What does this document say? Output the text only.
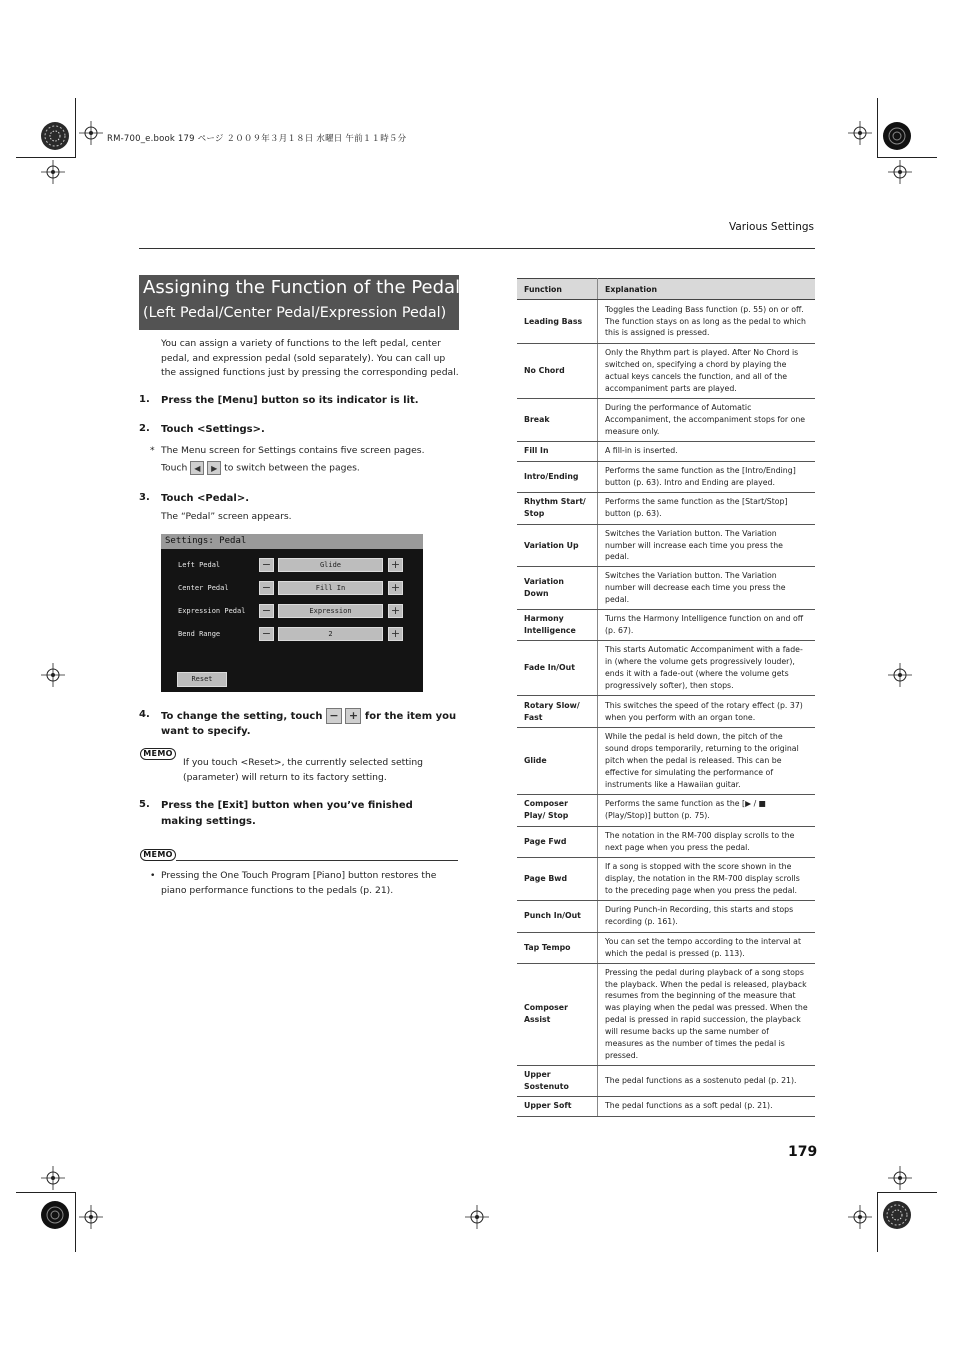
RM-700_e.book 179 ページ ２００９年３月１８日 水曜日 午前１１時５分
Various Settings
Assigning the Function of the Pedals
(Left Pedal/Center Pedal/Expression Pedal)
You can assign a variety of functions to the left pedal, center pedal, and expression pedal (sold separately). You can call up the assigned functions just by pressing the corresponding pedal.
1. Press the [Menu] button so its indicator is lit.
2. Touch <Settings>.
* The Menu screen for Settings contains five screen pages.
Touch ◀ ▶ to switch between the pages.
3. Touch <Pedal>.
The “Pedal” screen appears.
Settings: Pedal
Left Pedal	−	Glide	+
Center Pedal	−	Fill In	+
Expression Pedal −	Expression	+
Bend Range	−	2	+
Reset
4. To change the setting, touch − + for the item you
want to specify.
MEMO
If you touch <Reset>, the currently selected setting (parameter) will return to its factory setting.
5. Press the [Exit] button when you’ve finished making settings.
MEMO
• Pressing the One Touch Program [Piano] button restores the piano performance functions to the pedals (p. 21).
Function	Explanation
Leading Bass	Toggles the Leading Bass function (p. 55) on or off. The function stays on as long as the pedal to which this is assigned is pressed.
No Chord	Only the Rhythm part is played. After No Chord is switched on, specifying a chord by playing the actual keys cancels the function, and all of the accompaniment parts are played.
Break	During the performance of Automatic Accompaniment, the accompaniment stops for one measure only.
Fill In	A fill-in is inserted.
Intro/Ending	Performs the same function as the [Intro/Ending] button (p. 63). Intro and Ending are played.
Rhythm Start/ Stop	Performs the same function as the [Start/Stop] button (p. 63).
Variation Up	Switches the Variation button. The Variation number will increase each time you press the pedal.
Variation Down	Switches the Variation button. The Variation number will decrease each time you press the pedal.
Harmony Intelligence	Turns the Harmony Intelligence function on and off (p. 67).
Fade In/Out	This starts Automatic Accompaniment with a fade-in (where the volume gets progressively louder), ends it with a fade-out (where the volume gets progressively softer), then stops.
Rotary Slow/ Fast	This switches the speed of the rotary effect (p. 37) when you perform with an organ tone.
Glide	While the pedal is held down, the pitch of the sound drops temporarily, returning to the original pitch when the pedal is released. This can be effective for simulating the performance of instruments like a Hawaiian guitar.
Composer Play/ Stop	Performs the same function as the [▶ / ■ (Play/Stop)] button (p. 75).
Page Fwd	The notation in the RM-700 display scrolls to the next page when you press the pedal.
Page Bwd	If a song is stopped with the score shown in the display, the notation in the RM-700 display scrolls to the preceding page when you press the pedal.
Punch In/Out	During Punch-in Recording, this starts and stops recording (p. 161).
Tap Tempo	You can set the tempo according to the interval at which the pedal is pressed (p. 113).
Composer Assist	Pressing the pedal during playback of a song stops the playback. When the pedal is released, playback resumes from the beginning of the measure that was playing when the pedal was pressed. When the pedal is pressed in rapid succession, the playback will resume backs up the same number of measures as the number of times the pedal is pressed.
Upper Sostenuto	The pedal functions as a sostenuto pedal (p. 21).
Upper Soft	The pedal functions as a soft pedal (p. 21).
179
